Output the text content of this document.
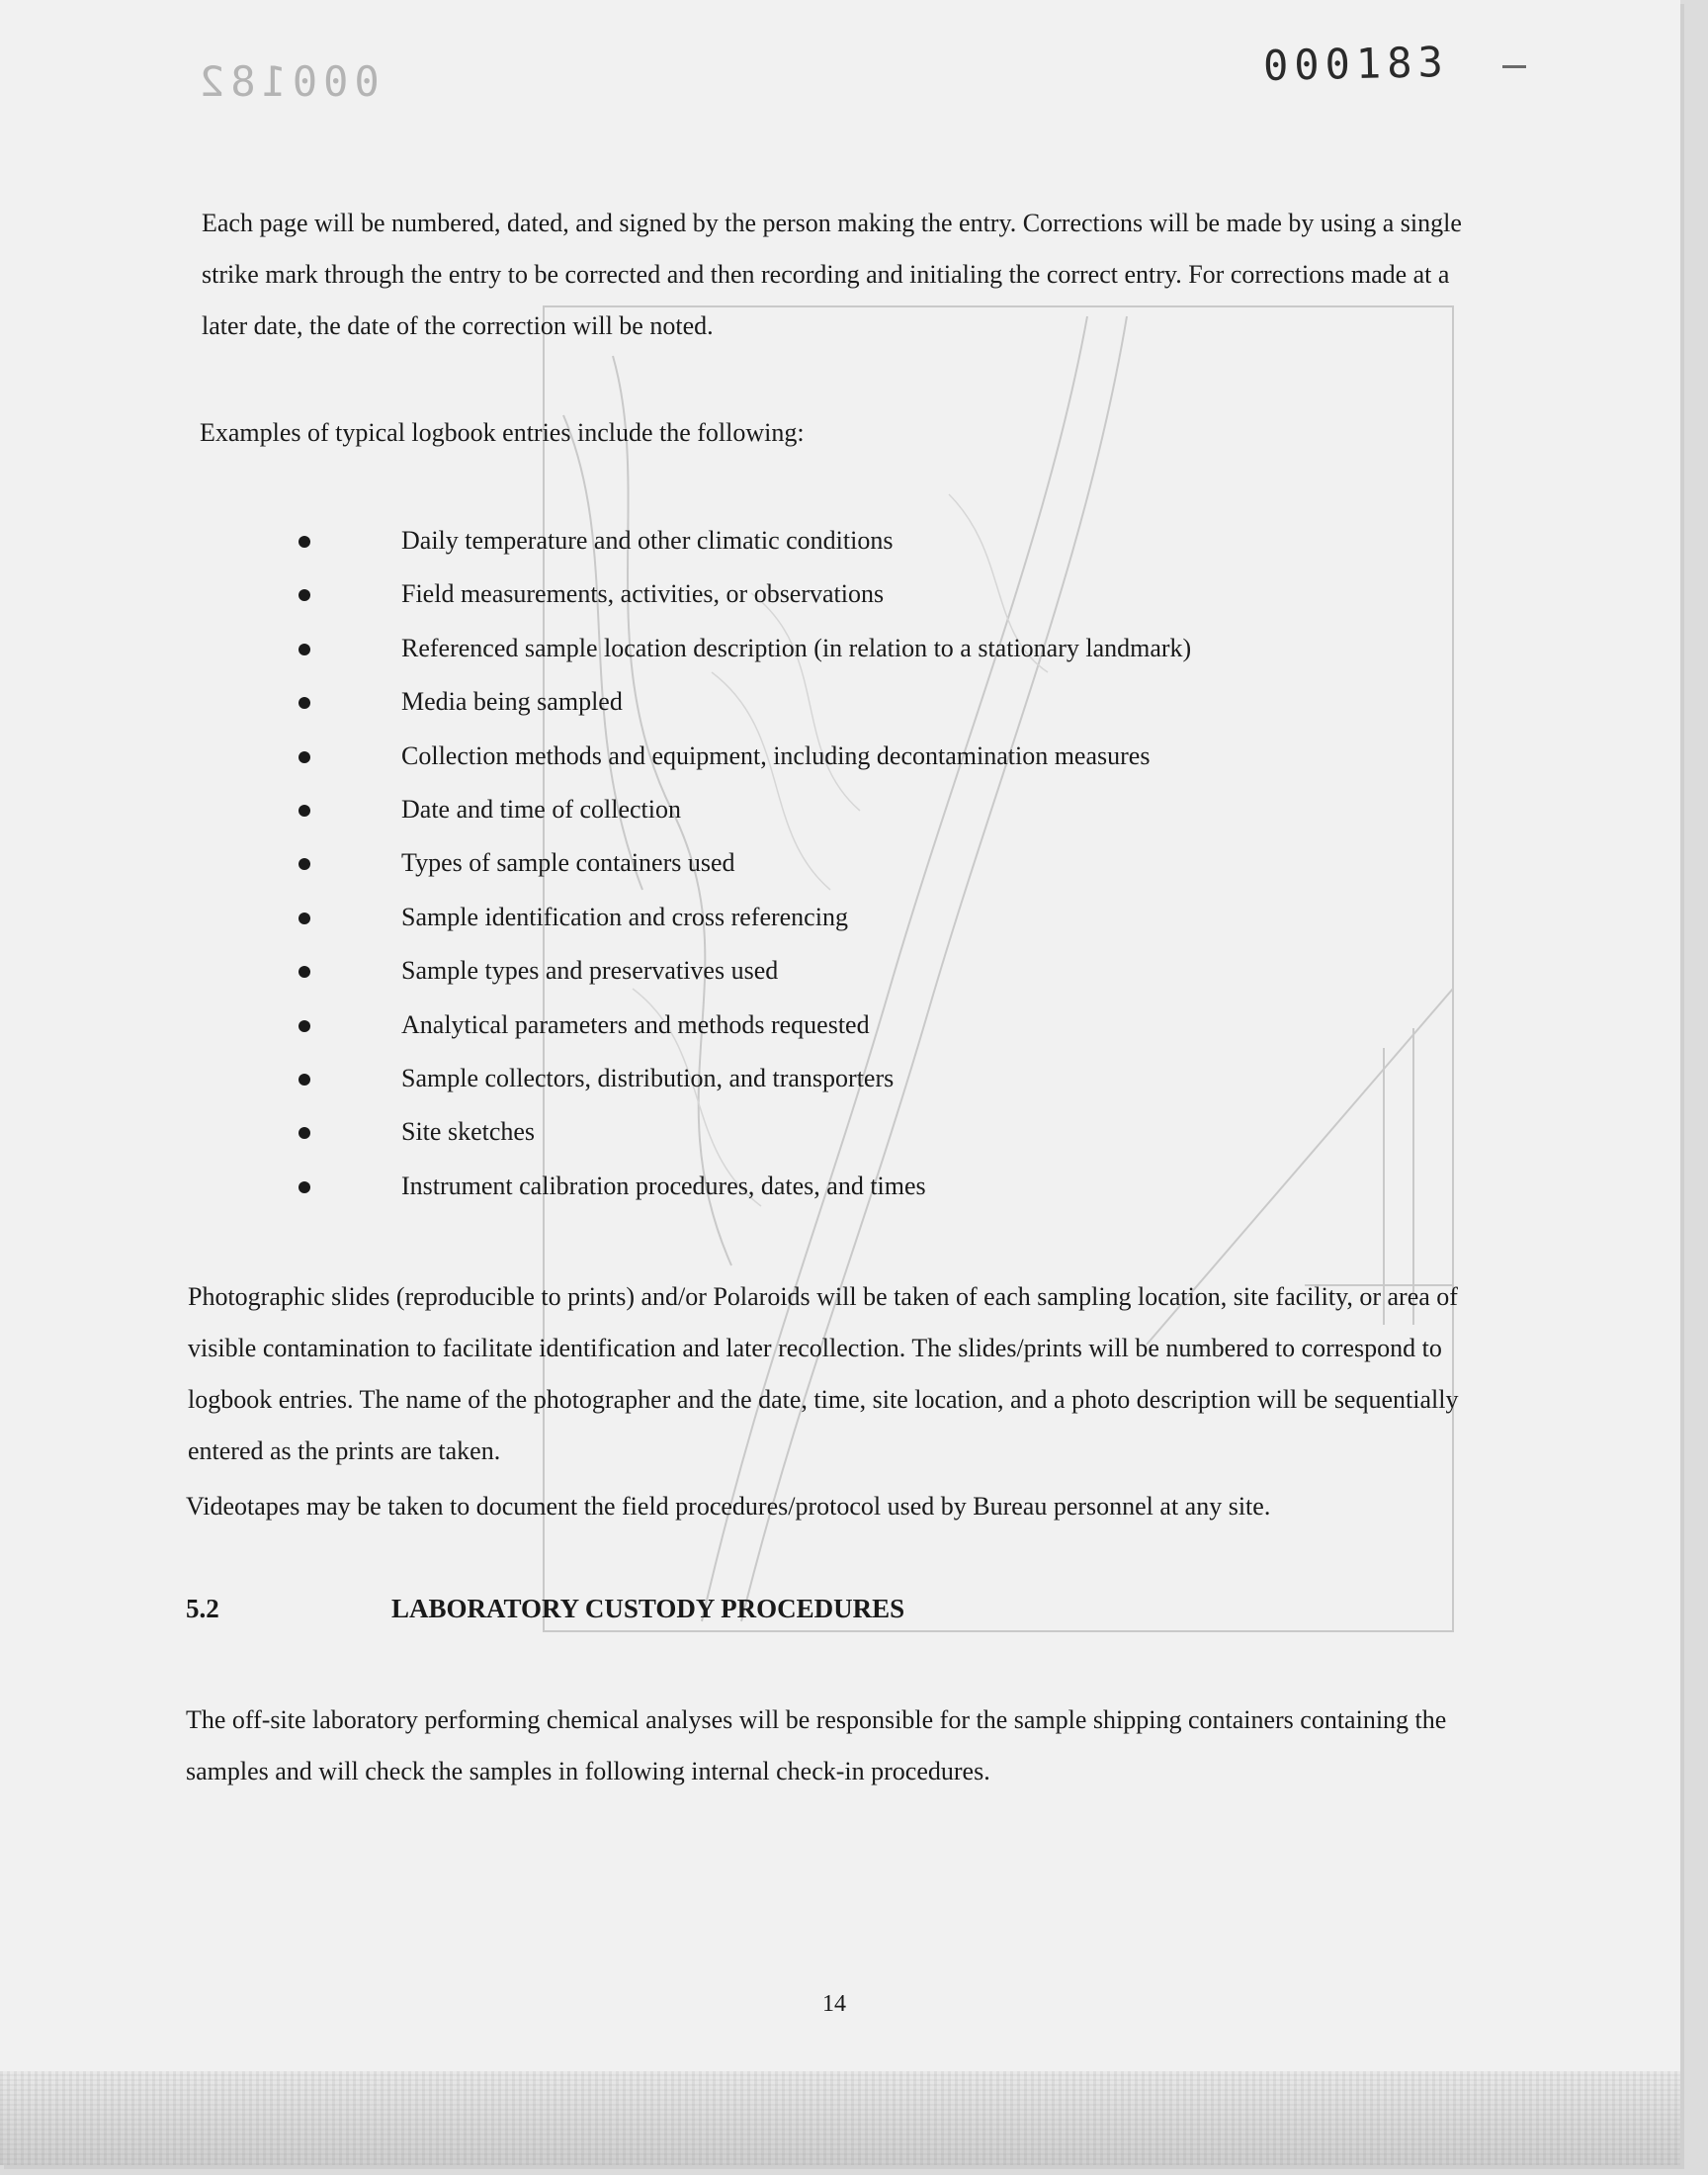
000182	000183

Each page will be numbered, dated, and signed by the person making the entry. Corrections will be made by using a single strike mark through the entry to be corrected and then recording and initialing the correct entry. For corrections made at a later date, the date of the correction will be noted.

Examples of typical logbook entries include the following:

Daily temperature and other climatic conditions
Field measurements, activities, or observations
Referenced sample location description (in relation to a stationary landmark)
Media being sampled
Collection methods and equipment, including decontamination measures
Date and time of collection
Types of sample containers used
Sample identification and cross referencing
Sample types and preservatives used
Analytical parameters and methods requested
Sample collectors, distribution, and transporters
Site sketches
Instrument calibration procedures, dates, and times

Photographic slides (reproducible to prints) and/or Polaroids will be taken of each sampling location, site facility, or area of visible contamination to facilitate identification and later recollection. The slides/prints will be numbered to correspond to logbook entries. The name of the photographer and the date, time, site location, and a photo description will be sequentially entered as the prints are taken.

Videotapes may be taken to document the field procedures/protocol used by Bureau personnel at any site.

5.2	LABORATORY CUSTODY PROCEDURES

The off-site laboratory performing chemical analyses will be responsible for the sample shipping containers containing the samples and will check the samples in following internal check-in procedures.

14
